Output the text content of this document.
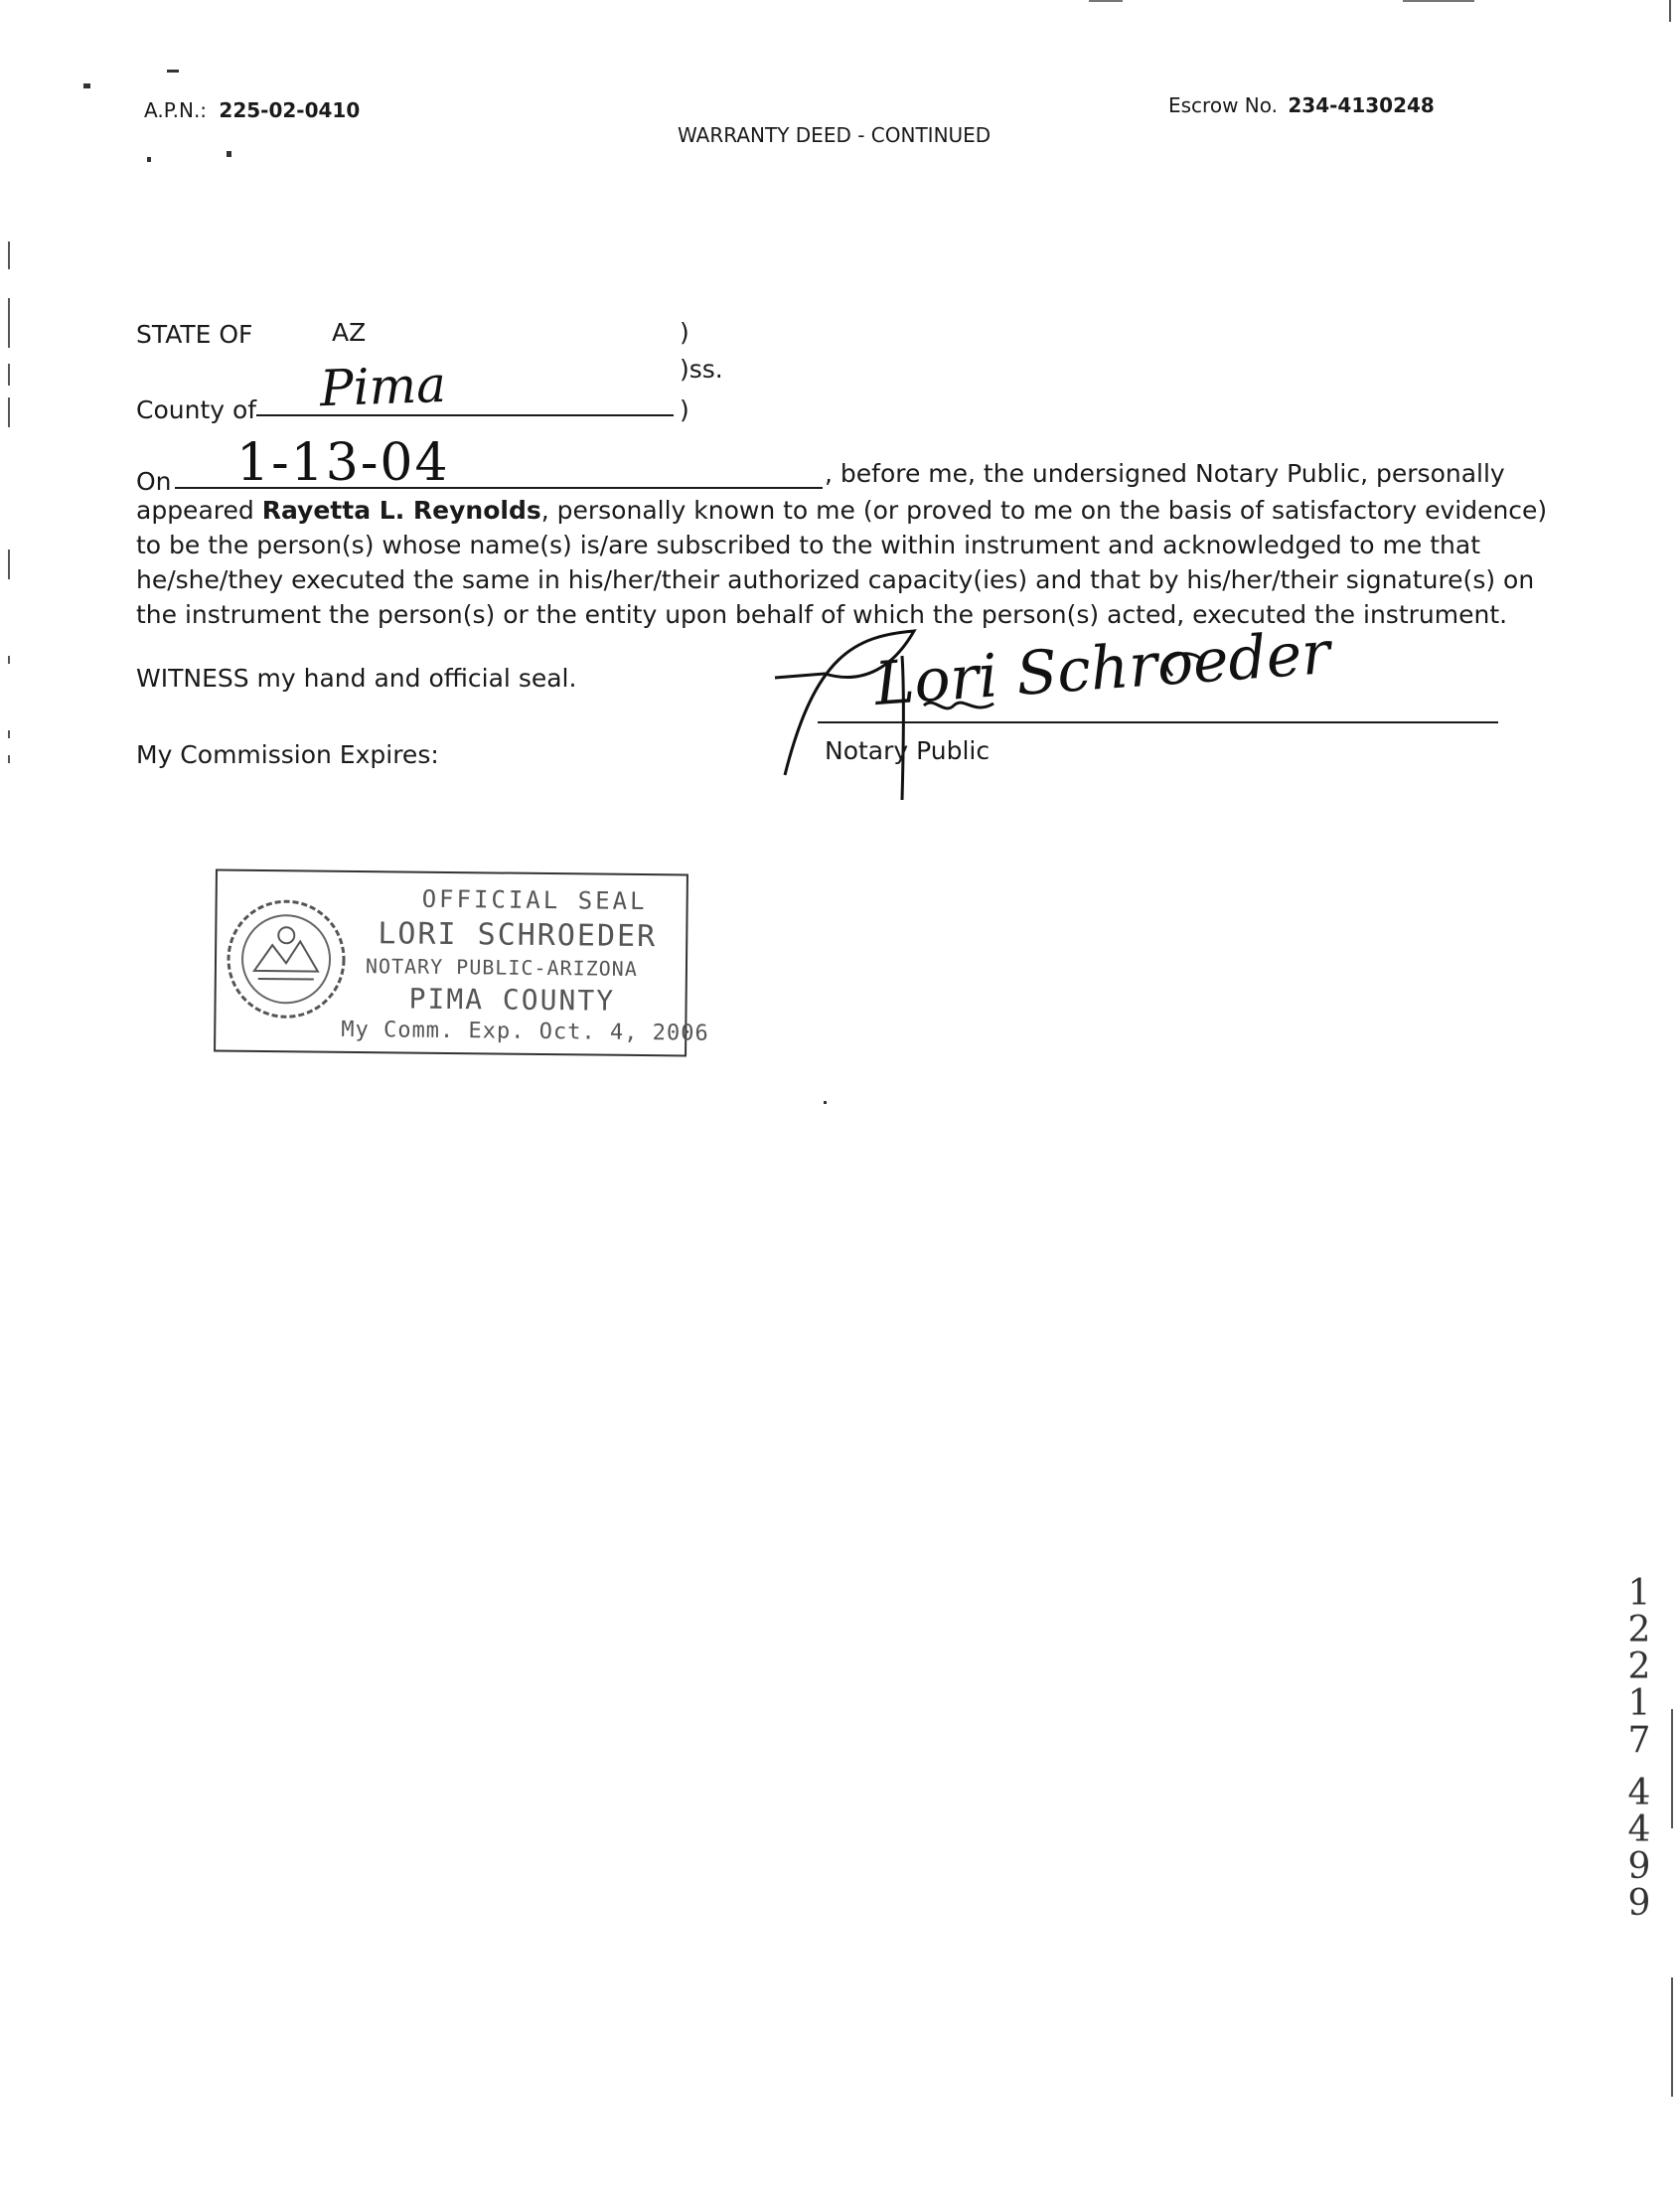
A.P.N.: 225-02-0410
WARRANTY DEED - CONTINUED
Escrow No. 234-4130248
STATE OF	AZ	)
)ss.
County of Pima	)
On 1-13-04	, before me, the undersigned Notary Public, personally
appeared Rayetta L. Reynolds, personally known to me (or proved to me on the basis of satisfactory evidence)
to be the person(s) whose name(s) is/are subscribed to the within instrument and acknowledged to me that
he/she/they executed the same in his/her/their authorized capacity(ies) and that by his/her/their signature(s) on
the instrument the person(s) or the entity upon behalf of which the person(s) acted, executed the instrument.
WITNESS my hand and official seal.
My Commission Expires:
Lori Schroeder
Notary Public
OFFICIAL SEAL
LORI SCHROEDER
NOTARY PUBLIC-ARIZONA
PIMA COUNTY
My Comm. Exp. Oct. 4, 2006
1
2
2
1
7
4
4
9
9
